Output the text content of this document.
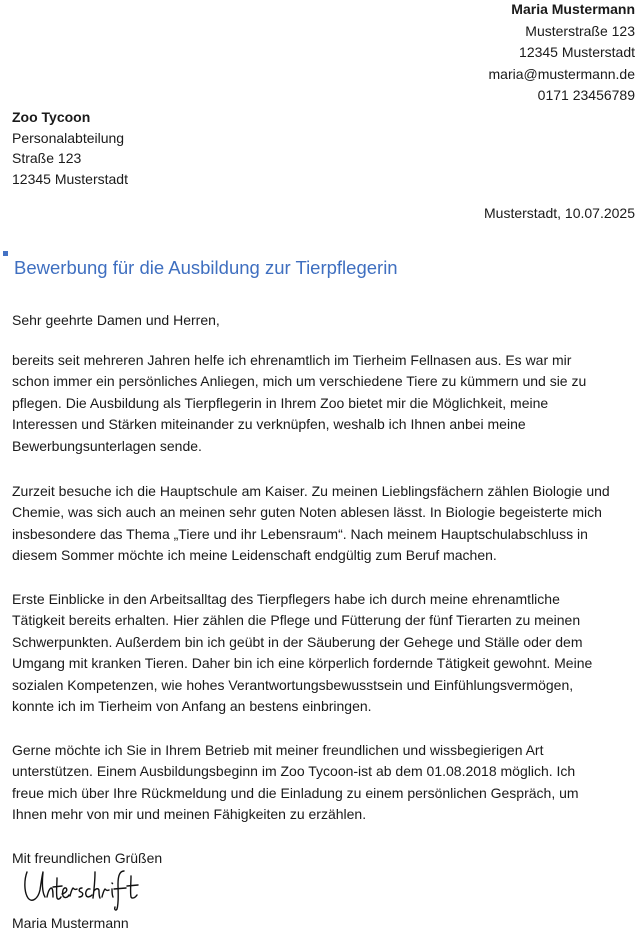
Maria Mustermann
Musterstraße 123
12345 Musterstadt
maria@mustermann.de
0171 23456789
Zoo Tycoon
Personalabteilung
Straße 123
12345 Musterstadt
Musterstadt, 10.07.2025
Bewerbung für die Ausbildung zur Tierpflegerin
Sehr geehrte Damen und Herren,

bereits seit mehreren Jahren helfe ich ehrenamtlich im Tierheim Fellnasen aus. Es war mir
schon immer ein persönliches Anliegen, mich um verschiedene Tiere zu kümmern und sie zu
pflegen. Die Ausbildung als Tierpflegerin in Ihrem Zoo bietet mir die Möglichkeit, meine
Interessen und Stärken miteinander zu verknüpfen, weshalb ich Ihnen anbei meine
Bewerbungsunterlagen sende.

Zurzeit besuche ich die Hauptschule am Kaiser. Zu meinen Lieblingsfächern zählen Biologie und
Chemie, was sich auch an meinen sehr guten Noten ablesen lässt. In Biologie begeisterte mich
insbesondere das Thema „Tiere und ihr Lebensraum“. Nach meinem Hauptschulabschluss in
diesem Sommer möchte ich meine Leidenschaft endgültig zum Beruf machen.

Erste Einblicke in den Arbeitsalltag des Tierpflegers habe ich durch meine ehrenamtliche
Tätigkeit bereits erhalten. Hier zählen die Pflege und Fütterung der fünf Tierarten zu meinen
Schwerpunkten. Außerdem bin ich geübt in der Säuberung der Gehege und Ställe oder dem
Umgang mit kranken Tieren. Daher bin ich eine körperlich fordernde Tätigkeit gewohnt. Meine
sozialen Kompetenzen, wie hohes Verantwortungsbewusstsein und Einfühlungsvermögen,
konnte ich im Tierheim von Anfang an bestens einbringen.

Gerne möchte ich Sie in Ihrem Betrieb mit meiner freundlichen und wissbegierigen Art
unterstützen. Einem Ausbildungsbeginn im Zoo Tycoon-ist ab dem 01.08.2018 möglich. Ich
freue mich über Ihre Rückmeldung und die Einladung zu einem persönlichen Gespräch, um
Ihnen mehr von mir und meinen Fähigkeiten zu erzählen.

Mit freundlichen Grüßen
Maria Mustermann
